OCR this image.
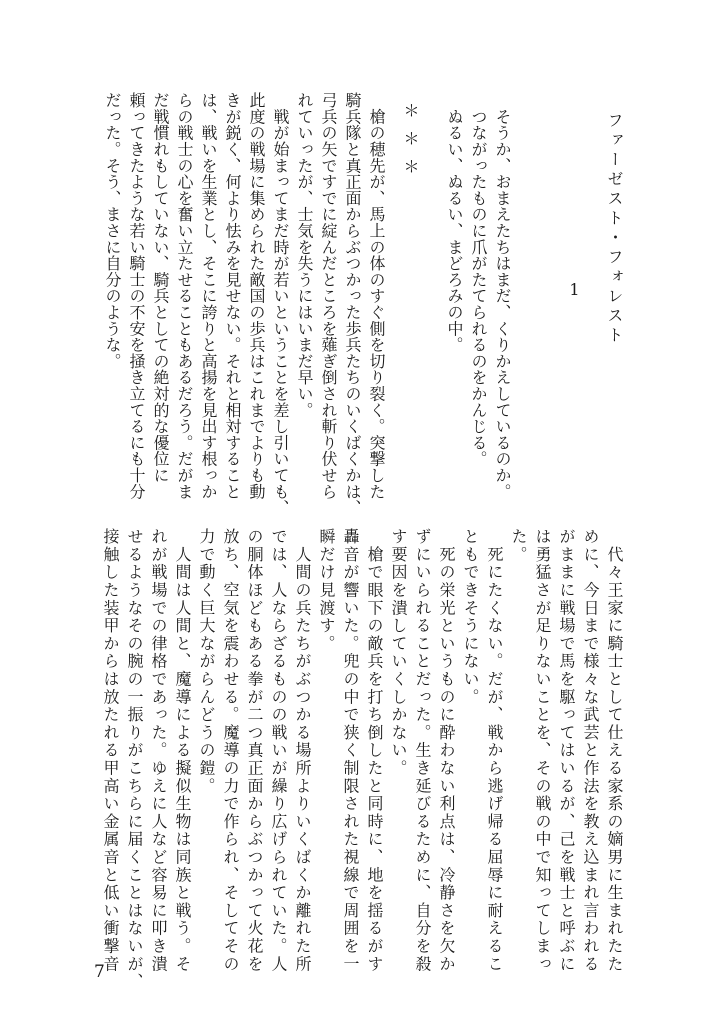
ファーゼスト・フォレスト
1
　そうか、おまえたちはまだ、くりかえしているのか。
　つながったものに爪がたてられるのをかんじる。
　ぬるい、ぬるい、まどろみの中。
＊＊＊
　槍の穂先が、馬上の体のすぐ側を切り裂く。突撃した
騎兵隊と真正面からぶつかった歩兵たちのいくばくかは、
弓兵の矢ですでに綻んだところを薙ぎ倒され斬り伏せら
れていったが、士気を失うにはいまだ早い。
　戦が始まってまだ時が若いということを差し引いても、
此度の戦場に集められた敵国の歩兵はこれまでよりも動
きが鋭く、何より怯みを見せない。それと相対すること
は、戦いを生業とし、そこに誇りと高揚を見出す根っか
らの戦士の心を奮い立たせることもあるだろう。だがま
だ戦慣れもしていない、騎兵としての絶対的な優位に
頼ってきたような若い騎士の不安を掻き立てるにも十分
だった。そう、まさに自分のような。
　代々王家に騎士として仕える家系の嫡男に生まれたた
めに、今日まで様々な武芸と作法を教え込まれ言われる
がままに戦場で馬を駆ってはいるが、己を戦士と呼ぶに
は勇猛さが足りないことを、その戦の中で知ってしまっ
た。
　死にたくない。だが、戦から逃げ帰る屈辱に耐えるこ
ともできそうにない。
　死の栄光というものに酔わない利点は、冷静さを欠か
ずにいられることだった。生き延びるために、自分を殺
す要因を潰していくしかない。
　槍で眼下の敵兵を打ち倒したと同時に、地を揺るがす
轟音が響いた。兜の中で狭く制限された視線で周囲を一
瞬だけ見渡す。
　人間の兵たちがぶつかる場所よりいくばくか離れた所
では、人ならざるものの戦いが繰り広げられていた。人
の胴体ほどもある拳が二つ真正面からぶつかって火花を
放ち、空気を震わせる。魔導の力で作られ、そしてその
力で動く巨大ながらんどうの鎧。
　人間は人間と、魔導による擬似生物は同族と戦う。そ
れが戦場での律格であった。ゆえに人など容易に叩き潰
せるようなその腕の一振りがこちらに届くことはないが、
接触した装甲からは放たれる甲高い金属音と低い衝撃音
7
